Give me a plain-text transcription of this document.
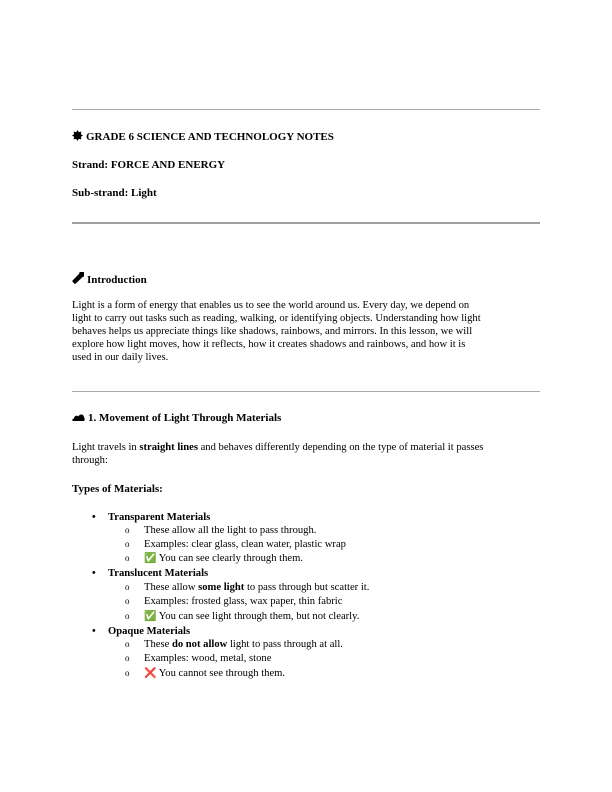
GRADE 6 SCIENCE AND TECHNOLOGY NOTES
Strand: FORCE AND ENERGY
Sub-strand: Light
Introduction
Light is a form of energy that enables us to see the world around us. Every day, we depend on
light to carry out tasks such as reading, walking, or identifying objects. Understanding how light
behaves helps us appreciate things like shadows, rainbows, and mirrors. In this lesson, we will
explore how light moves, how it reflects, how it creates shadows and rainbows, and how it is
used in our daily lives.
1. Movement of Light Through Materials
Light travels in straight lines and behaves differently depending on the type of material it passes
through:
Types of Materials:
• Transparent Materials
o These allow all the light to pass through.
o Examples: clear glass, clean water, plastic wrap
o ✅ You can see clearly through them.
• Translucent Materials
o These allow some light to pass through but scatter it.
o Examples: frosted glass, wax paper, thin fabric
o ✅ You can see light through them, but not clearly.
• Opaque Materials
o These do not allow light to pass through at all.
o Examples: wood, metal, stone
o ❌ You cannot see through them.
